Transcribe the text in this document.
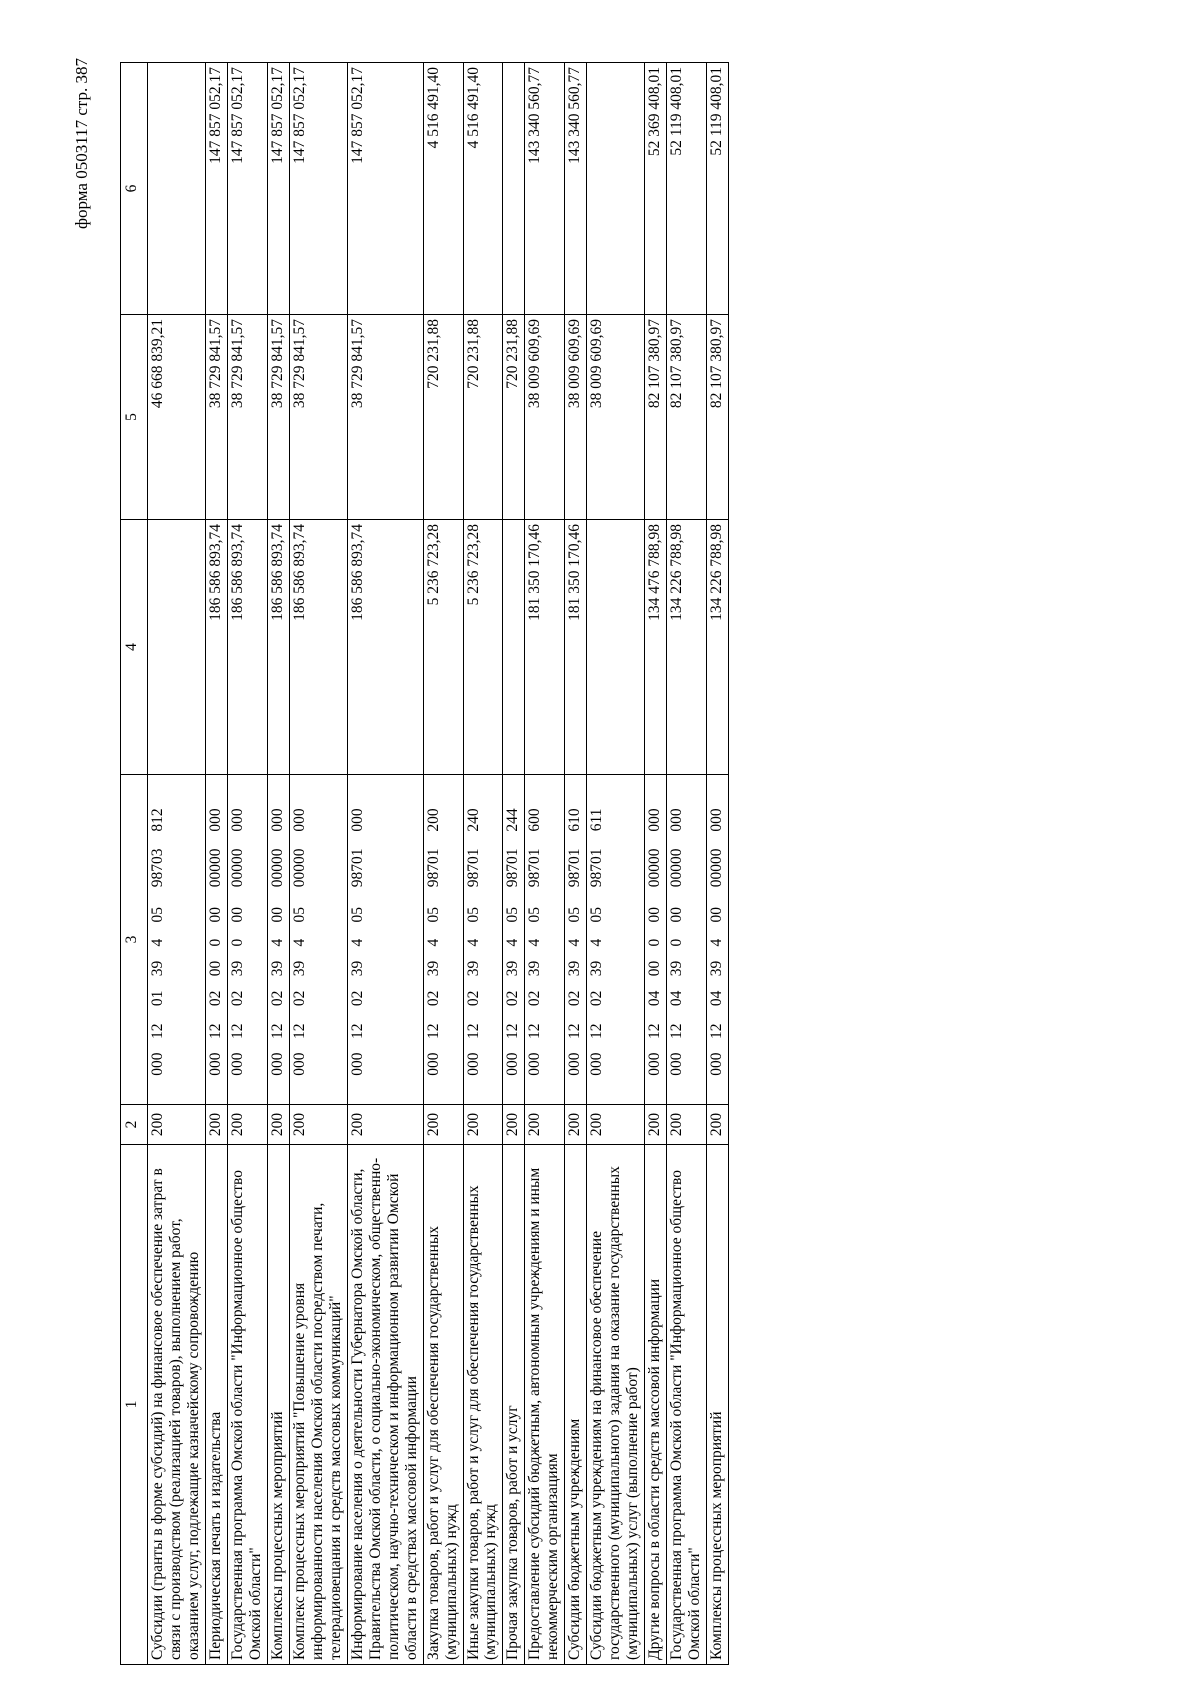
форма 0503117 стр. 387
1	2	3	4	5	6
Субсидии (гранты в форме субсидий) на финансовое обеспечение затрат в связи с производством (реализацией товаров), выполнением работ, оказанием услуг, подлежащие казначейскому сопровождению	200	000 12 01 39 4 05 98703 812		46 668 839,21	
Периодическая печать и издательства	200	000 12 02 00 0 00 00000 000	186 586 893,74	38 729 841,57	147 857 052,17
Государственная программа Омской области "Информационное общество Омской области"	200	000 12 02 39 0 00 00000 000	186 586 893,74	38 729 841,57	147 857 052,17
Комплексы процессных мероприятий	200	000 12 02 39 4 00 00000 000	186 586 893,74	38 729 841,57	147 857 052,17
Комплекс процессных мероприятий "Повышение уровня информированности населения Омской области посредством печати, телерадиовещания и средств массовых коммуникаций"	200	000 12 02 39 4 05 00000 000	186 586 893,74	38 729 841,57	147 857 052,17
Информирование населения о деятельности Губернатора Омской области, Правительства Омской области, о социально-экономическом, общественно-политическом, научно-техническом и информационном развитии Омской области в средствах массовой информации	200	000 12 02 39 4 05 98701 000	186 586 893,74	38 729 841,57	147 857 052,17
Закупка товаров, работ и услуг для обеспечения государственных (муниципальных) нужд	200	000 12 02 39 4 05 98701 200	5 236 723,28	720 231,88	4 516 491,40
Иные закупки товаров, работ и услуг для обеспечения государственных (муниципальных) нужд	200	000 12 02 39 4 05 98701 240	5 236 723,28	720 231,88	4 516 491,40
Прочая закупка товаров, работ и услуг	200	000 12 02 39 4 05 98701 244		720 231,88	
Предоставление субсидий бюджетным, автономным учреждениям и иным некоммерческим организациям	200	000 12 02 39 4 05 98701 600	181 350 170,46	38 009 609,69	143 340 560,77
Субсидии бюджетным учреждениям	200	000 12 02 39 4 05 98701 610	181 350 170,46	38 009 609,69	143 340 560,77
Субсидии бюджетным учреждениям на финансовое обеспечение государственного (муниципального) задания на оказание государственных (муниципальных) услуг (выполнение работ)	200	000 12 02 39 4 05 98701 611		38 009 609,69	
Другие вопросы в области средств массовой информации	200	000 12 04 00 0 00 00000 000	134 476 788,98	82 107 380,97	52 369 408,01
Государственная программа Омской области "Информационное общество Омской области"	200	000 12 04 39 0 00 00000 000	134 226 788,98	82 107 380,97	52 119 408,01
Комплексы процессных мероприятий	200	000 12 04 39 4 00 00000 000	134 226 788,98	82 107 380,97	52 119 408,01
